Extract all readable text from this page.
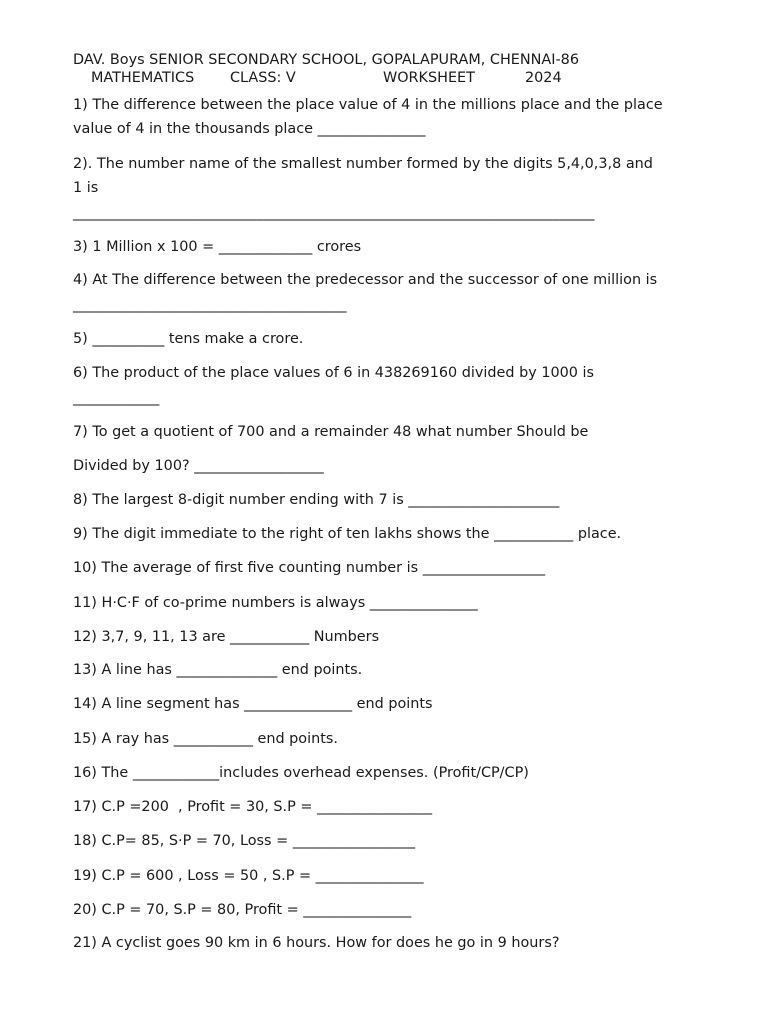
DAV. Boys SENIOR SECONDARY SCHOOL, GOPALAPURAM, CHENNAI-86
MATHEMATICS CLASS: V	WORKSHEET	2024
1) The difference between the place value of 4 in the millions place and the place
value of 4 in the thousands place _______________
2). The number name of the smallest number formed by the digits 5,4,0,3,8 and
1 is
__________________________________________________________________________
3) 1 Million x 100 = _____________ crores
4) At The difference between the predecessor and the successor of one million is
______________________________________
5) __________ tens make a crore.
6) The product of the place values of 6 in 438269160 divided by 1000 is
____________
7) To get a quotient of 700 and a remainder 48 what number Should be
Divided by 100? __________________
8) The largest 8-digit number ending with 7 is _____________________
9) The digit immediate to the right of ten lakhs shows the ___________ place.
10) The average of first five counting number is _________________
11) H·C·F of co-prime numbers is always _______________
12) 3,7, 9, 11, 13 are ___________ Numbers
13) A line has ______________ end points.
14) A line segment has _______________ end points
15) A ray has ___________ end points.
16) The ____________includes overhead expenses. (Profit/CP/CP)
17) C.P =200  , Profit = 30, S.P = ________________
18) C.P= 85, S·P = 70, Loss = _________________
19) C.P = 600 , Loss = 50 , S.P = _______________
20) C.P = 70, S.P = 80, Profit = _______________
21) A cyclist goes 90 km in 6 hours. How for does he go in 9 hours?
